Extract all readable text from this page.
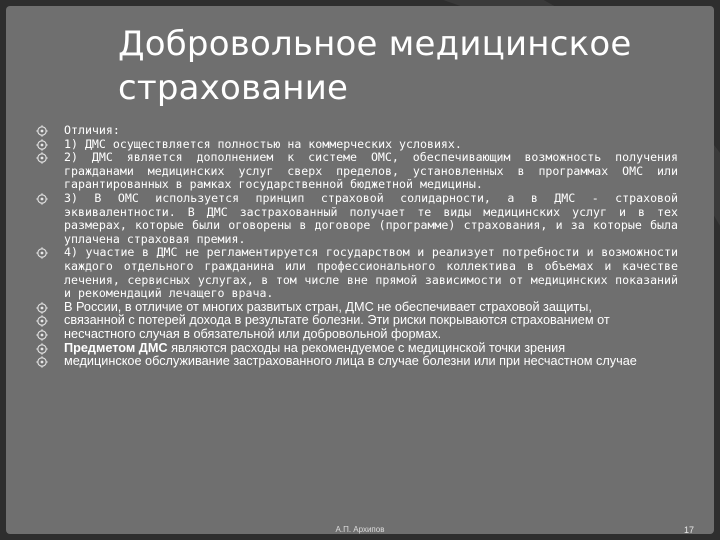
Добровольное медицинское
страхование
Отличия:
1) ДМС осуществляется полностью на коммерческих условиях.
2) ДМС является дополнением к системе ОМС, обеспечивающим возможность получения гражданами медицинских услуг сверх пределов, установленных в программах ОМС или гарантированных в рамках государственной бюджетной медицины.
3) В ОМС используется принцип страховой солидарности, а в ДМС - страховой эквивалентности. В ДМС застрахованный получает те виды медицинских услуг и в тех размерах, которые были оговорены в договоре (программе) страхования, и за которые была уплачена страховая премия.
4) участие в ДМС не регламентируется государством и реализует потребности и возможности каждого отдельного гражданина или профессионального коллектива в объемах и качестве лечения, сервисных услугах, в том числе вне прямой зависимости от медицинских показаний и рекомендаций лечащего врача.
В России, в отличие от многих развитых стран, ДМС не обеспечивает страховой защиты,
связанной с потерей дохода в результате болезни. Эти риски покрываются страхованием от
несчастного случая в обязательной или добровольной формах.
Предметом ДМС являются расходы на рекомендуемое с медицинской точки зрения
медицинское обслуживание застрахованного лица в случае болезни или при несчастном случае
А.П. Архипов	17
